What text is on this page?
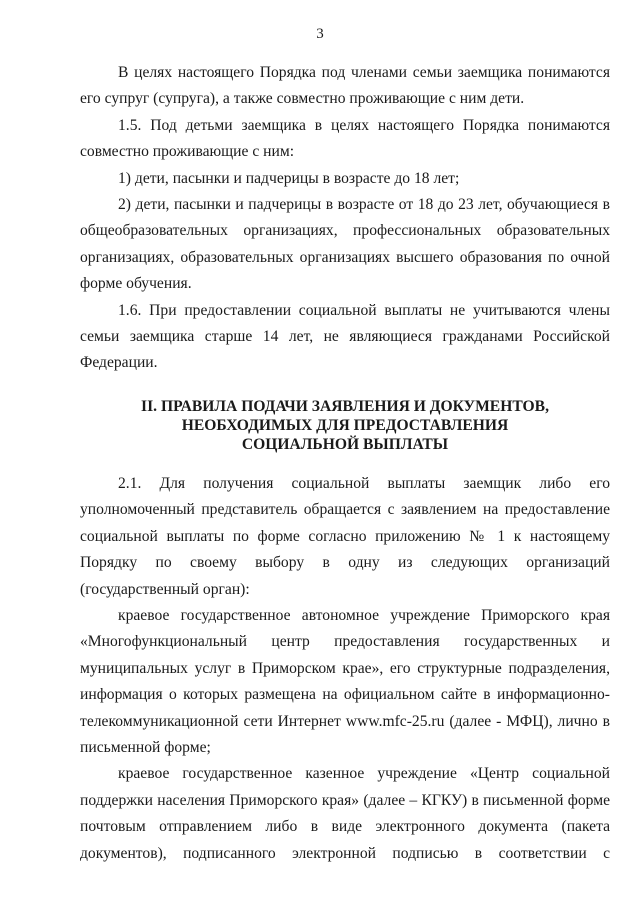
3

В целях настоящего Порядка под членами семьи заемщика понимаются его супруг (супруга), а также совместно проживающие с ним дети.

1.5. Под детьми заемщика в целях настоящего Порядка понимаются совместно проживающие с ним:

1) дети, пасынки и падчерицы в возрасте до 18 лет;

2) дети, пасынки и падчерицы в возрасте от 18 до 23 лет, обучающиеся в общеобразовательных организациях, профессиональных образовательных организациях, образовательных организациях высшего образования по очной форме обучения.

1.6. При предоставлении социальной выплаты не учитываются члены семьи заемщика старше 14 лет, не являющиеся гражданами Российской Федерации.

II. ПРАВИЛА ПОДАЧИ ЗАЯВЛЕНИЯ И ДОКУМЕНТОВ,
НЕОБХОДИМЫХ ДЛЯ ПРЕДОСТАВЛЕНИЯ
СОЦИАЛЬНОЙ ВЫПЛАТЫ

2.1. Для получения социальной выплаты заемщик либо его уполномоченный представитель обращается с заявлением на предоставление социальной выплаты по форме согласно приложению № 1 к настоящему Порядку по своему выбору в одну из следующих организаций (государственный орган):

краевое государственное автономное учреждение Приморского края «Многофункциональный центр предоставления государственных и муниципальных услуг в Приморском крае», его структурные подразделения, информация о которых размещена на официальном сайте в информационно-телекоммуникационной сети Интернет www.mfc-25.ru (далее - МФЦ), лично в письменной форме;

краевое государственное казенное учреждение «Центр социальной поддержки населения Приморского края» (далее – КГКУ) в письменной форме почтовым отправлением либо в виде электронного документа (пакета документов), подписанного электронной подписью в соответствии с
